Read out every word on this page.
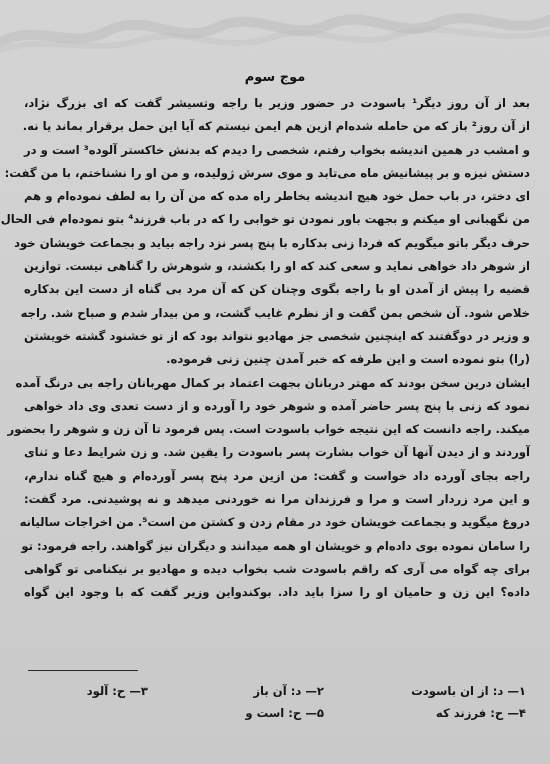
موج سوم
بعد از آن روز دیگر¹ باسودت در حضور وزیر با راجه وتسیشر گفت که ای بزرگ نژاد،
از آن روز² باز که من حامله شده‌ام ازین هم ایمن نیستم که آیا این حمل برقرار بماند یا نه.
و امشب در همین اندیشه بخواب رفتم، شخصی را دیدم که بدنش خاکستر آلوده³ است و در
دستش نیزه و بر پیشانیش ماه می‌تابد و موی سرش ژولیده، و من او را نشناختم، با من گفت:
ای دختر، در باب حمل خود هیچ اندیشه بخاطر راه مده که من آن را به لطف نموده‌ام و هم
من نگهبانی او میکنم و بجهت باور نمودن تو خوابی را که در باب فرزند⁴ بتو نموده‌ام فی الحال
حرف دیگر باتو میگویم که فردا زنی بدکاره با پنج پسر نزد راجه بیاید و بجماعت خویشان خود
از شوهر داد خواهی نماید و سعی کند که او را بکشند، و شوهرش را گناهی نیست. توازین
قضیه را پیش از آمدن او با راجه بگوی وچنان کن که آن مرد بی گناه از دست این بدکاره
خلاص شود. آن شخص بمن گفت و از نظرم غایب گشت، و من بیدار شدم و صباح شد. راجه
و وزیر در دوگفتند که اینچنین شخصی جز مهادیو نتواند بود که از تو خشنود گشته خویشتن
(را) بتو نموده است و این طرفه که خبر آمدن چنین زنی فرموده.
ایشان درین سخن بودند که مهتر دربانان بجهت اعتماد بر کمال مهربانان راجه بی درنگ آمده
نمود که زنی با پنج پسر حاضر آمده و شوهر خود را آورده و از دست تعدی وی داد خواهی
میکند. راجه دانست که این نتیجه خواب باسودت است. پس فرمود تا آن زن و شوهر را بحضور
آوردند و از دیدن آنها آن خواب بشارت پسر باسودت را یقین شد. و زن شرایط دعا و ثنای
راجه بجای آورده داد خواست و گفت: من ازین مرد پنج پسر آورده‌ام و هیچ گناه ندارم،
و این مرد زردار است و مرا و فرزندان مرا نه خوردنی میدهد و نه پوشیدنی. مرد گفت:
دروغ میگوید و بجماعت خویشان خود در مقام زدن و کشتن من است⁵. من اخراجات سالیانه
را سامان نموده بوی داده‌ام و خویشان او همه میدانند و دیگران نیز گواهند. راجه فرمود: تو
برای چه گواه می آری که راقم باسودت شب بخواب دیده و مهادیو بر نیکنامی تو گواهی
داده؟ این زن و حامیان او را سزا باید داد. بوکندواین وزیر گفت که با وجود این گواه
۱— د: از ان باسودت
۴— ح: فرزند که
۲— د: آن باز
۵— ح: است و
۳— ح: آلود
